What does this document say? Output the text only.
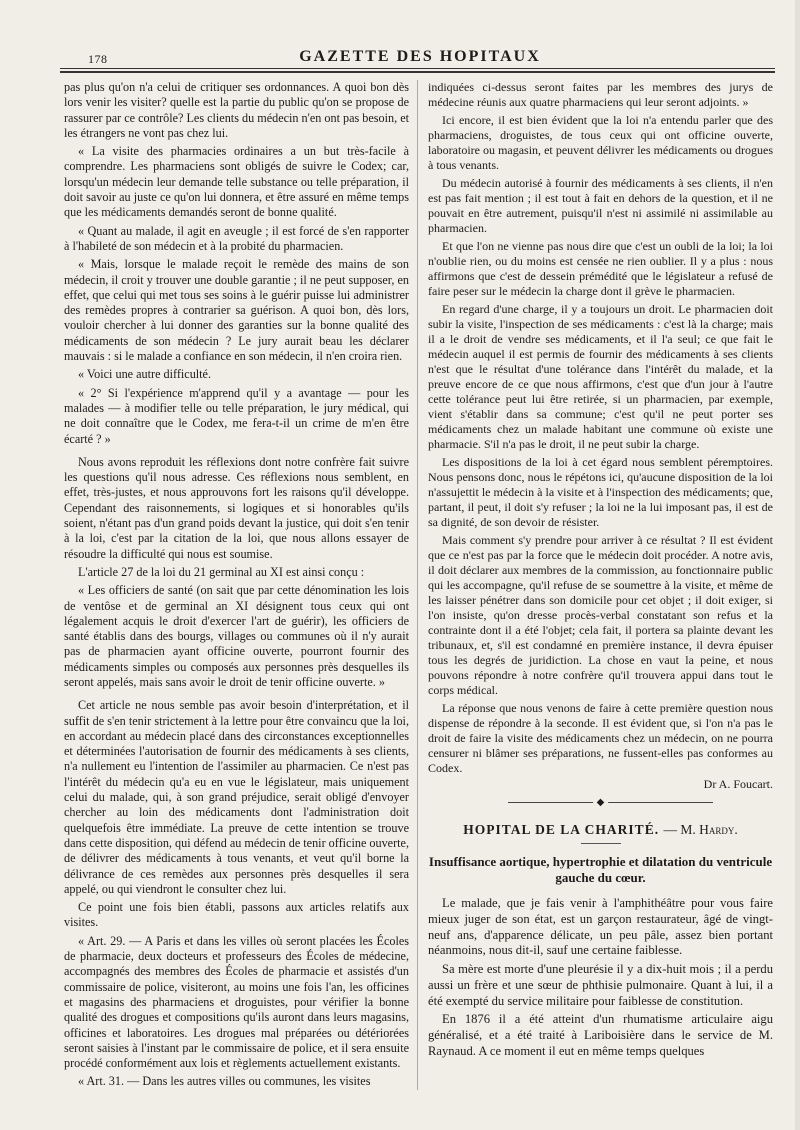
178	GAZETTE DES HOPITAUX

pas plus qu'on n'a celui de critiquer ses ordonnances. A quoi bon dès lors venir les visiter? quelle est la partie du public qu'on se propose de rassurer par ce contrôle? Les clients du médecin n'en ont pas besoin, et les étrangers ne vont pas chez lui.

« La visite des pharmacies ordinaires a un but très-facile à comprendre. Les pharmaciens sont obligés de suivre le Codex; car, lorsqu'un médecin leur demande telle substance ou telle préparation, il doit savoir au juste ce qu'on lui donnera, et être assuré en même temps que les médicaments demandés seront de bonne qualité.

« Quant au malade, il agit en aveugle ; il est forcé de s'en rapporter à l'habileté de son médecin et à la probité du pharmacien.

« Mais, lorsque le malade reçoit le remède des mains de son médecin, il croit y trouver une double garantie ; il ne peut supposer, en effet, que celui qui met tous ses soins à le guérir puisse lui administrer des remèdes propres à contrarier sa guérison. A quoi bon, dès lors, vouloir chercher à lui donner des garanties sur la bonne qualité des médicaments de son médecin ? Le jury aurait beau les déclarer mauvais : si le malade a confiance en son médecin, il n'en croira rien.

« Voici une autre difficulté.

« 2° Si l'expérience m'apprend qu'il y a avantage — pour les malades — à modifier telle ou telle préparation, le jury médical, qui ne doit connaître que le Codex, me fera-t-il un crime de m'en être écarté ? »

Nous avons reproduit les réflexions dont notre confrère fait suivre les questions qu'il nous adresse. Ces réflexions nous semblent, en effet, très-justes, et nous approuvons fort les raisons qu'il développe. Cependant des raisonnements, si logiques et si honorables qu'ils soient, n'étant pas d'un grand poids devant la justice, qui doit s'en tenir à la loi, c'est par la citation de la loi, que nous allons essayer de résoudre la difficulté qui nous est soumise.

L'article 27 de la loi du 21 germinal au XI est ainsi conçu :

« Les officiers de santé (on sait que par cette dénomination les lois de ventôse et de germinal an XI désignent tous ceux qui ont légalement acquis le droit d'exercer l'art de guérir), les officiers de santé établis dans des bourgs, villages ou communes où il n'y aurait pas de pharmacien ayant officine ouverte, pourront fournir des médicaments simples ou composés aux personnes près desquelles ils seront appelés, mais sans avoir le droit de tenir officine ouverte. »

Cet article ne nous semble pas avoir besoin d'interprétation, et il suffit de s'en tenir strictement à la lettre pour être convaincu que la loi, en accordant au médecin placé dans des circonstances exceptionnelles et déterminées l'autorisation de fournir des médicaments à ses clients, n'a nullement eu l'intention de l'assimiler au pharmacien. Ce n'est pas l'intérêt du médecin qu'a eu en vue le législateur, mais uniquement celui du malade, qui, à son grand préjudice, serait obligé d'envoyer chercher au loin des médicaments dont l'administration doit quelquefois être immédiate. La preuve de cette intention se trouve dans cette disposition, qui défend au médecin de tenir officine ouverte, de délivrer des médicaments à tous venants, et veut qu'il borne la délivrance de ces remèdes aux personnes près desquelles il sera appelé, ou qui viendront le consulter chez lui.

Ce point une fois bien établi, passons aux articles relatifs aux visites.

« Art. 29. — A Paris et dans les villes où seront placées les Écoles de pharmacie, deux docteurs et professeurs des Écoles de médecine, accompagnés des membres des Écoles de pharmacie et assistés d'un commissaire de police, visiteront, au moins une fois l'an, les officines et magasins des pharmaciens et droguistes, pour vérifier la bonne qualité des drogues et compositions qu'ils auront dans leurs magasins, officines et laboratoires. Les drogues mal préparées ou détériorées seront saisies à l'instant par le commissaire de police, et il sera ensuite procédé conformément aux lois et règlements actuellement existants.

« Art. 31. — Dans les autres villes ou communes, les visites

indiquées ci-dessus seront faites par les membres des jurys de médecine réunis aux quatre pharmaciens qui leur seront adjoints. »

Ici encore, il est bien évident que la loi n'a entendu parler que des pharmaciens, droguistes, de tous ceux qui ont officine ouverte, laboratoire ou magasin, et peuvent délivrer les médicaments ou drogues à tous venants.

Du médecin autorisé à fournir des médicaments à ses clients, il n'en est pas fait mention ; il est tout à fait en dehors de la question, et il ne pouvait en être autrement, puisqu'il n'est ni assimilé ni assimilable au pharmacien.

Et que l'on ne vienne pas nous dire que c'est un oubli de la loi; la loi n'oublie rien, ou du moins est censée ne rien oublier. Il y a plus : nous affirmons que c'est de dessein prémédité que le législateur a refusé de faire peser sur le médecin la charge dont il grève le pharmacien.

En regard d'une charge, il y a toujours un droit. Le pharmacien doit subir la visite, l'inspection de ses médicaments : c'est là la charge; mais il a le droit de vendre ses médicaments, et il l'a seul; ce que fait le médecin auquel il est permis de fournir des médicaments à ses clients n'est que le résultat d'une tolérance dans l'intérêt du malade, et la preuve encore de ce que nous affirmons, c'est que d'un jour à l'autre cette tolérance peut lui être retirée, si un pharmacien, par exemple, vient s'établir dans sa commune; c'est qu'il ne peut porter ses médicaments chez un malade habitant une commune où existe une pharmacie. S'il n'a pas le droit, il ne peut subir la charge.

Les dispositions de la loi à cet égard nous semblent péremptoires. Nous pensons donc, nous le répétons ici, qu'aucune disposition de la loi n'assujettit le médecin à la visite et à l'inspection des médicaments; que, partant, il peut, il doit s'y refuser ; la loi ne la lui imposant pas, il est de sa dignité, de son devoir de résister.

Mais comment s'y prendre pour arriver à ce résultat ? Il est évident que ce n'est pas par la force que le médecin doit procéder. A notre avis, il doit déclarer aux membres de la commission, au fonctionnaire public qui les accompagne, qu'il refuse de se soumettre à la visite, et même de les laisser pénétrer dans son domicile pour cet objet ; il doit exiger, si l'on insiste, qu'on dresse procès-verbal constatant son refus et la contrainte dont il a été l'objet; cela fait, il portera sa plainte devant les tribunaux, et, s'il est condamné en première instance, il devra épuiser tous les degrés de juridiction. La chose en vaut la peine, et nous pouvons répondre à notre confrère qu'il trouvera appui dans tout le corps médical.

La réponse que nous venons de faire à cette première question nous dispense de répondre à la seconde. Il est évident que, si l'on n'a pas le droit de faire la visite des médicaments chez un médecin, on ne pourra censurer ni blâmer ses préparations, ne fussent-elles pas conformes au Codex.

Dr A. Foucart.
◆
HOPITAL DE LA CHARITÉ. — M. Hardy.
Insuffisance aortique, hypertrophie et dilatation du ventricule gauche du cœur.

Le malade, que je fais venir à l'amphithéâtre pour vous faire mieux juger de son état, est un garçon restaurateur, âgé de vingt-neuf ans, d'apparence délicate, un peu pâle, assez bien portant néanmoins, nous dit-il, sauf une certaine faiblesse.

Sa mère est morte d'une pleurésie il y a dix-huit mois ; il a perdu aussi un frère et une sœur de phthisie pulmonaire. Quant à lui, il a été exempté du service militaire pour faiblesse de constitution.

En 1876 il a été atteint d'un rhumatisme articulaire aigu généralisé, et a été traité à Lariboisière dans le service de M. Raynaud. A ce moment il eut en même temps quelques
